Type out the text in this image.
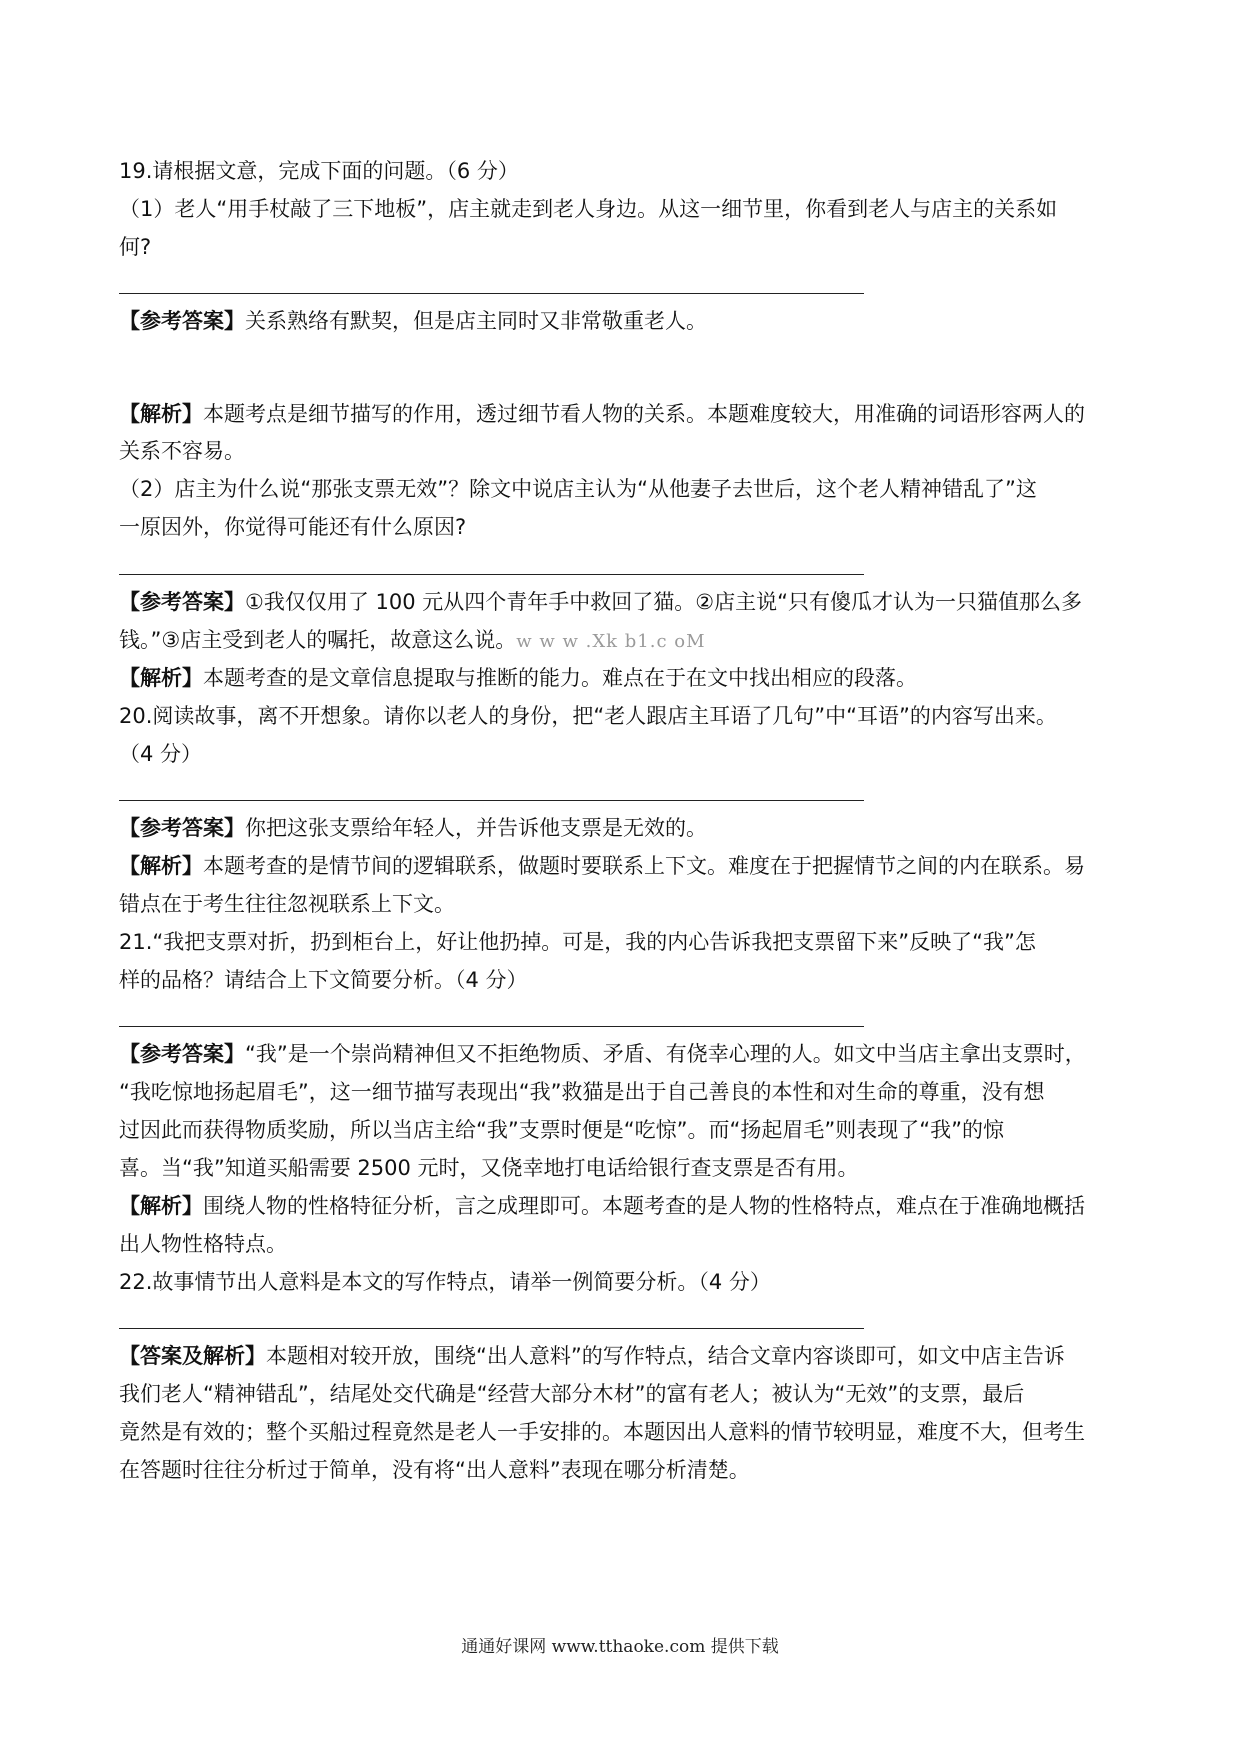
19.请根据文意，完成下面的问题。（6 分）
（1）老人“用手杖敲了三下地板”，店主就走到老人身边。从这一细节里，你看到老人与店主的关系如
何?
【参考答案】关系熟络有默契，但是店主同时又非常敬重老人。
【解析】本题考点是细节描写的作用，透过细节看人物的关系。本题难度较大，用准确的词语形容两人的
关系不容易。
（2）店主为什么说“那张支票无效”？除文中说店主认为“从他妻子去世后，这个老人精神错乱了”这
一原因外，你觉得可能还有什么原因?
【参考答案】①我仅仅用了 100 元从四个青年手中救回了猫。②店主说“只有傻瓜才认为一只猫值那么多
钱。”③店主受到老人的嘱托，故意这么说。w w w .Xk b1.c oM
【解析】本题考查的是文章信息提取与推断的能力。难点在于在文中找出相应的段落。
20.阅读故事，离不开想象。请你以老人的身份，把“老人跟店主耳语了几句”中“耳语”的内容写出来。
（4 分）
【参考答案】你把这张支票给年轻人，并告诉他支票是无效的。
【解析】本题考查的是情节间的逻辑联系，做题时要联系上下文。难度在于把握情节之间的内在联系。易
错点在于考生往往忽视联系上下文。
21.“我把支票对折，扔到柜台上，好让他扔掉。可是，我的内心告诉我把支票留下来”反映了“我”怎
样的品格？请结合上下文简要分析。（4 分）
【参考答案】“我”是一个崇尚精神但又不拒绝物质、矛盾、有侥幸心理的人。如文中当店主拿出支票时，
“我吃惊地扬起眉毛”，这一细节描写表现出“我”救猫是出于自己善良的本性和对生命的尊重，没有想
过因此而获得物质奖励，所以当店主给“我”支票时便是“吃惊”。而“扬起眉毛”则表现了“我”的惊
喜。当“我”知道买船需要 2500 元时，又侥幸地打电话给银行查支票是否有用。
【解析】围绕人物的性格特征分析，言之成理即可。本题考查的是人物的性格特点，难点在于准确地概括
出人物性格特点。
22.故事情节出人意料是本文的写作特点，请举一例简要分析。（4 分）
【答案及解析】本题相对较开放，围绕“出人意料”的写作特点，结合文章内容谈即可，如文中店主告诉
我们老人“精神错乱”，结尾处交代确是“经营大部分木材”的富有老人；被认为“无效”的支票，最后
竟然是有效的；整个买船过程竟然是老人一手安排的。本题因出人意料的情节较明显，难度不大，但考生
在答题时往往分析过于简单，没有将“出人意料”表现在哪分析清楚。
通通好课网 www.tthaoke.com 提供下载
